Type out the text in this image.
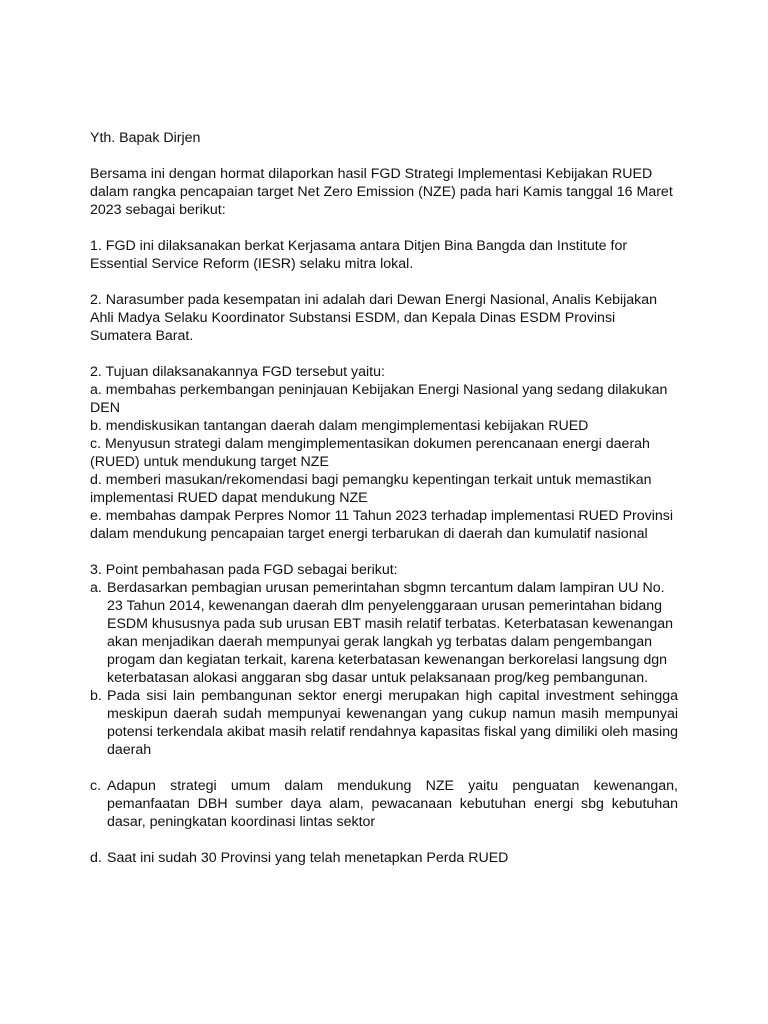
Yth. Bapak Dirjen

Bersama ini dengan hormat dilaporkan hasil FGD Strategi Implementasi Kebijakan RUED dalam rangka pencapaian target Net Zero Emission (NZE) pada hari Kamis tanggal 16 Maret 2023 sebagai berikut:

1. FGD ini dilaksanakan berkat Kerjasama antara Ditjen Bina Bangda dan Institute for Essential Service Reform (IESR) selaku mitra lokal.

2. Narasumber pada kesempatan ini adalah dari Dewan Energi Nasional, Analis Kebijakan Ahli Madya Selaku Koordinator Substansi ESDM, dan Kepala Dinas ESDM Provinsi Sumatera Barat.

2. Tujuan dilaksanakannya FGD tersebut yaitu:

a. membahas perkembangan peninjauan Kebijakan Energi Nasional yang sedang dilakukan DEN

b. mendiskusikan tantangan daerah dalam mengimplementasi kebijakan RUED

c. Menyusun strategi dalam mengimplementasikan dokumen perencanaan energi daerah (RUED) untuk mendukung target NZE

d. memberi masukan/rekomendasi bagi pemangku kepentingan terkait untuk memastikan implementasi RUED dapat mendukung NZE

e. membahas dampak Perpres Nomor 11 Tahun 2023 terhadap implementasi RUED Provinsi dalam mendukung pencapaian target energi terbarukan di daerah dan kumulatif nasional

3. Point pembahasan pada FGD sebagai berikut:

a. Berdasarkan pembagian urusan pemerintahan sbgmn tercantum dalam lampiran UU No. 23 Tahun 2014, kewenangan daerah dlm penyelenggaraan urusan pemerintahan bidang ESDM khususnya pada sub urusan EBT masih relatif terbatas. Keterbatasan kewenangan akan menjadikan daerah mempunyai gerak langkah yg terbatas dalam pengembangan progam dan kegiatan terkait, karena keterbatasan kewenangan berkorelasi langsung dgn keterbatasan alokasi anggaran sbg dasar untuk pelaksanaan prog/keg pembangunan.
b. Pada sisi lain pembangunan sektor energi merupakan high capital investment sehingga meskipun daerah sudah mempunyai kewenangan yang cukup namun masih mempunyai potensi terkendala akibat masih relatif rendahnya kapasitas fiskal yang dimiliki oleh masing daerah
c. Adapun strategi umum dalam mendukung NZE yaitu penguatan kewenangan, pemanfaatan DBH sumber daya alam, pewacanaan kebutuhan energi sbg kebutuhan dasar, peningkatan koordinasi lintas sektor
d. Saat ini sudah 30 Provinsi yang telah menetapkan Perda RUED
